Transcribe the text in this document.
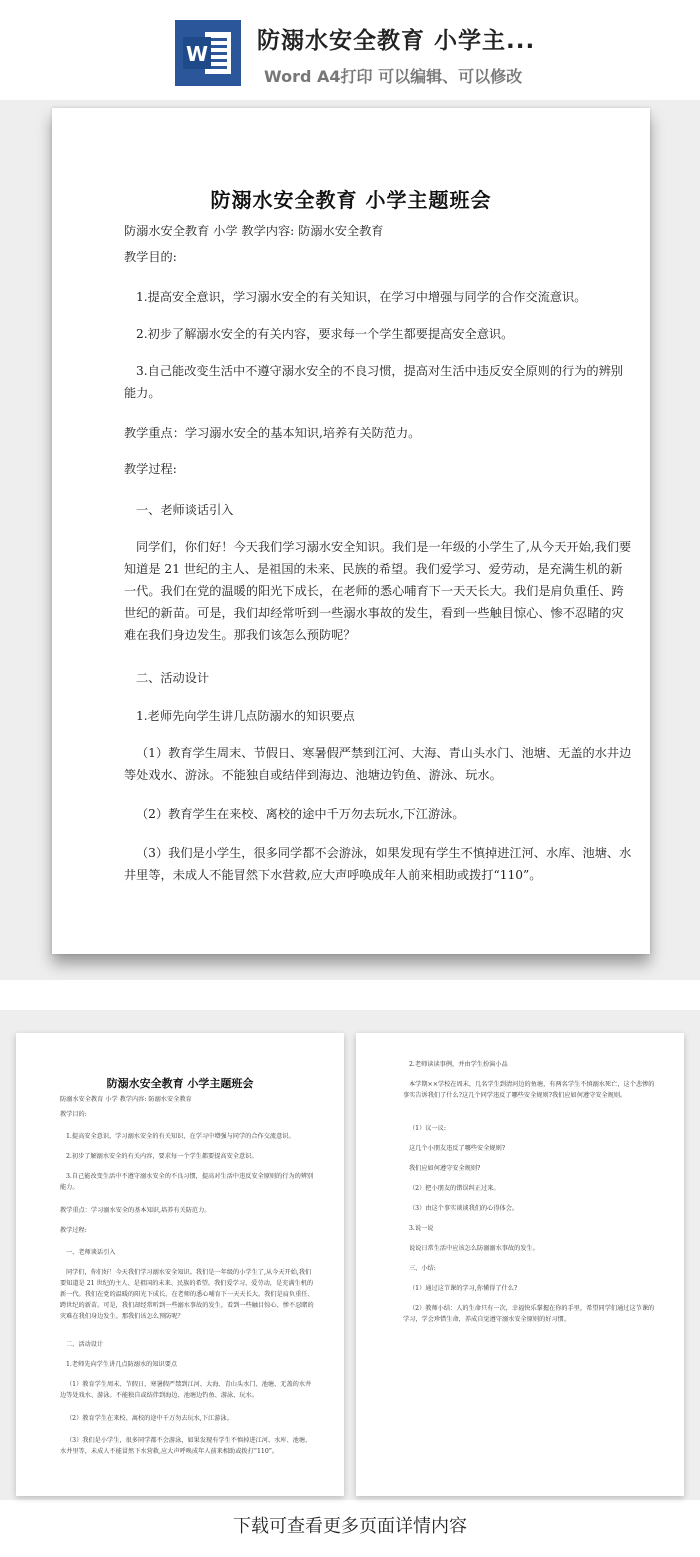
W 防溺水安全教育 小学主...
Word A4打印 可以编辑、可以修改
防溺水安全教育 小学主题班会

防溺水安全教育 小学 教学内容: 防溺水安全教育

教学目的:

1.提高安全意识，学习溺水安全的有关知识，在学习中增强与同学的合作交流意识。

2.初步了解溺水安全的有关内容，要求每一个学生都要提高安全意识。

3.自己能改变生活中不遵守溺水安全的不良习惯，提高对生活中违反安全原则的行为的辨别能力。

教学重点：学习溺水安全的基本知识,培养有关防范力。

教学过程:

一、老师谈话引入

同学们，你们好！今天我们学习溺水安全知识。我们是一年级的小学生了,从今天开始,我们要知道是 21 世纪的主人、是祖国的未来、民族的希望。我们爱学习、爱劳动，是充满生机的新一代。我们在党的温暖的阳光下成长，在老师的悉心哺育下一天天长大。我们是肩负重任、跨世纪的新苗。可是，我们却经常听到一些溺水事故的发生，看到一些触目惊心、惨不忍睹的灾难在我们身边发生。那我们该怎么预防呢？

二、活动设计

1.老师先向学生讲几点防溺水的知识要点

（1）教育学生周末、节假日、寒暑假严禁到江河、大海、青山头水门、池塘、无盖的水井边等处戏水、游泳。不能独自或结伴到海边、池塘边钓鱼、游泳、玩水。

（2）教育学生在来校、离校的途中千万勿去玩水,下江游泳。

（3）我们是小学生，很多同学都不会游泳，如果发现有学生不慎掉进江河、水库、池塘、水井里等，未成人不能冒然下水营救,应大声呼唤成年人前来相助或拨打“110”。

防溺水安全教育 小学主题班会

防溺水安全教育 小学 教学内容: 防溺水安全教育

教学目的:

1.提高安全意识，学习溺水安全的有关知识，在学习中增强与同学的合作交流意识。

2.初步了解溺水安全的有关内容，要求每一个学生都要提高安全意识。

3.自己能改变生活中不遵守溺水安全的不良习惯，提高对生活中违反安全原则的行为的辨别能力。

教学重点：学习溺水安全的基本知识,培养有关防范力。

教学过程:

一、老师谈话引入

同学们，你们好！今天我们学习溺水安全知识。我们是一年级的小学生了,从今天开始,我们要知道是 21 世纪的主人、是祖国的未来、民族的希望。我们爱学习、爱劳动，是充满生机的新一代。我们在党的温暖的阳光下成长，在老师的悉心哺育下一天天长大。我们是肩负重任、跨世纪的新苗。可是，我们却经常听到一些溺水事故的发生，看到一些触目惊心、惨不忍睹的灾难在我们身边发生。那我们该怎么预防呢？

二、活动设计

1.老师先向学生讲几点防溺水的知识要点

（1）教育学生周末、节假日、寒暑假严禁到江河、大海、青山头水门、池塘、无盖的水井边等处戏水、游泳。不能独自或结伴到海边、池塘边钓鱼、游泳、玩水。

（2）教育学生在来校、离校的途中千万勿去玩水,下江游泳。

（3）我们是小学生，很多同学都不会游泳，如果发现有学生不慎掉进江河、水库、池塘、水井里等，未成人不能冒然下水营救,应大声呼唤成年人前来相助或拨打“110”。

2.老师读读事例，并由学生扮演小品

本学期××学校在周末，几名学生到清河边的鱼塘，有两名学生不慎溺水死亡，这个悲惨的事实告诉我们了什么?这几个同学违反了哪些安全规则?我们应如何遵守安全规则。

（1）议一议:

这几个小朋友违反了哪些安全规则?

我们应如何遵守安全规则?

（2）把小朋友的错误纠正过来。

（3）由这个事实谈谈我们的心得体会。

3.说一说

说说日常生活中应该怎么防溺溺水事故的发生。

三、小结:

（1）通过这节课的学习,你懂得了什么?

（2）教师小结：人的生命只有一次，幸福快乐掌握在你的手里，希望同学们通过这节课的学习，学会珍惜生命，养成自觉遵守溺水安全原则的好习惯。

下载可查看更多页面详情内容
